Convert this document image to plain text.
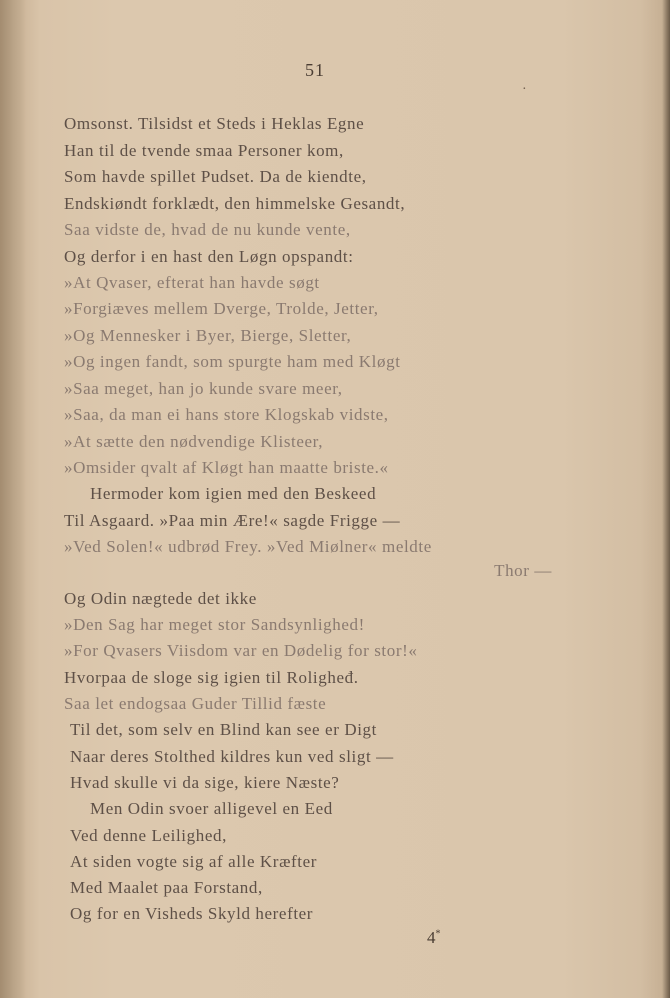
51
·
Omsonst. Tilsidst et Steds i Heklas Egne
Han til de tvende smaa Personer kom,
Som havde spillet Pudset. Da de kiendte,
Endskiøndt forklædt, den himmelske Gesandt,
Saa vidste de, hvad de nu kunde vente,
Og derfor i en hast den Løgn opspandt:
»At Qvaser, efterat han havde søgt
»Forgiæves mellem Dverge, Trolde, Jetter,
»Og Mennesker i Byer, Bierge, Sletter,
»Og ingen fandt, som spurgte ham med Kløgt
»Saa meget, han jo kunde svare meer,
»Saa, da man ei hans store Klogskab vidste,
»At sætte den nødvendige Klisteer,
»Omsider qvalt af Kløgt han maatte briste.«
Hermoder kom igien med den Beskeed
Til Asgaard. »Paa min Ære!« sagde Frigge —
»Ved Solen!« udbrød Frey. »Ved Miølner« meldte
Thor —
Og Odin nægtede det ikke
»Den Sag har meget stor Sandsynlighed!
»For Qvasers Viisdom var en Dødelig for stor!«
Hvorpaa de sloge sig igien til Roligheđ.
Saa let endogsaa Guder Tillid fæste
Til det, som selv en Blind kan see er Digt
Naar deres Stolthed kildres kun ved sligt —
Hvad skulle vi da sige, kiere Næste?
Men Odin svoer alligevel en Eed
Ved denne Leilighed,
At siden vogte sig af alle Kræfter
Med Maalet paa Forstand,
Og for en Visheds Skyld herefter
4*
